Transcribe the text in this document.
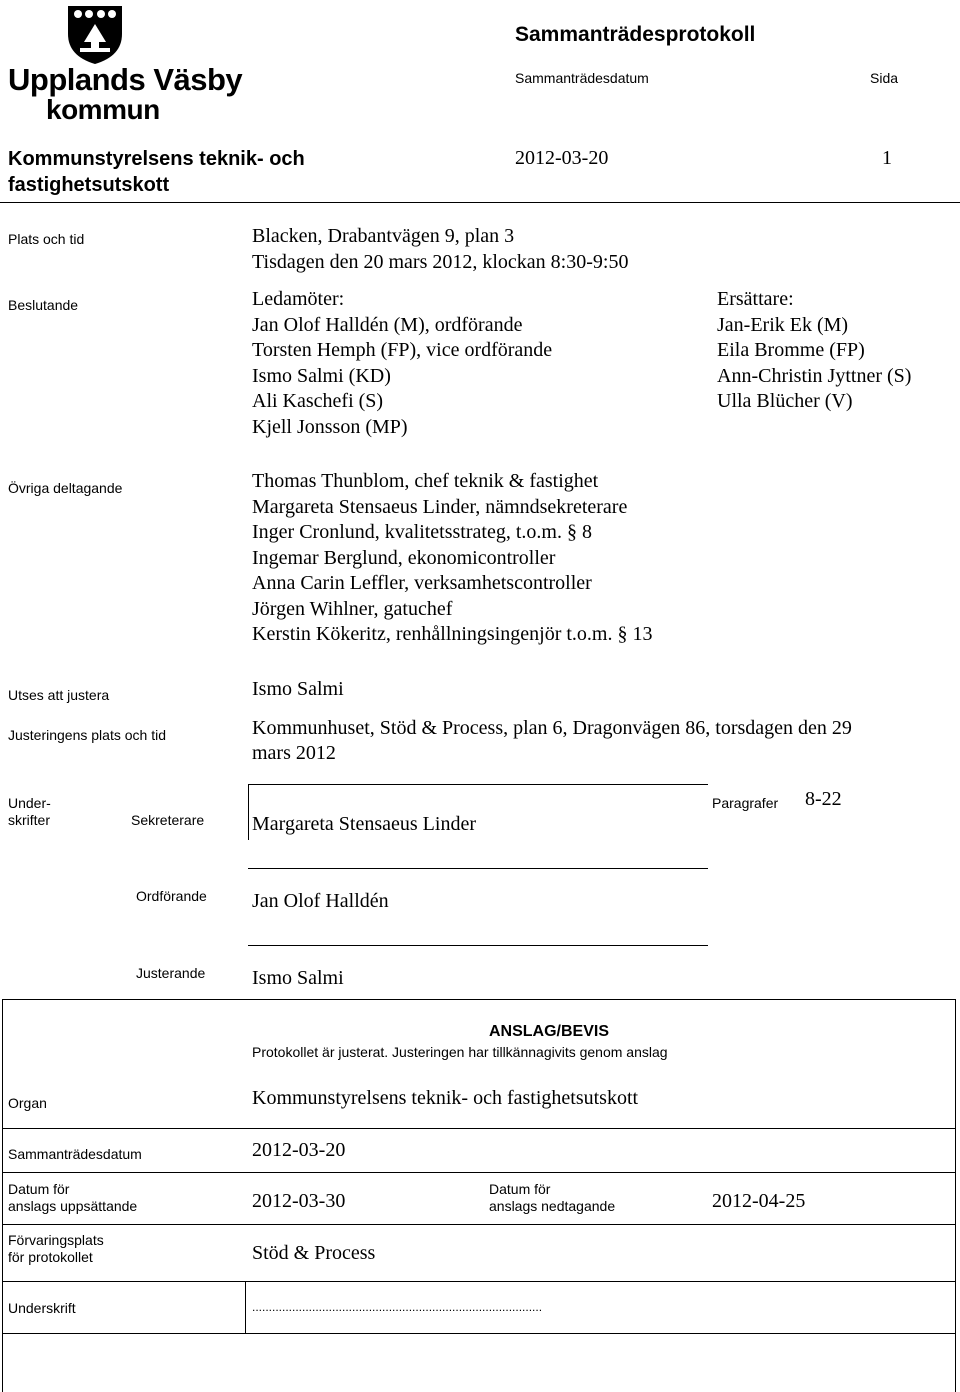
Upplands Väsby
kommun
Sammanträdesprotokoll
Sammanträdesdatum	Sida
Kommunstyrelsens teknik- och
fastighetsutskott
2012-03-20	1
Plats och tid	Blacken, Drabantvägen 9, plan 3
Tisdagen den 20 mars 2012, klockan 8:30-9:50
Beslutande	Ledamöter:
Jan Olof Halldén (M), ordförande
Torsten Hemph (FP), vice ordförande
Ismo Salmi (KD)
Ali Kaschefi (S)
Kjell Jonsson (MP)
Ersättare:
Jan-Erik Ek (M)
Eila Bromme (FP)
Ann-Christin Jyttner (S)
Ulla Blücher (V)
Övriga deltagande	Thomas Thunblom, chef teknik & fastighet
Margareta Stensaeus Linder, nämndsekreterare
Inger Cronlund, kvalitetsstrateg, t.o.m. § 8
Ingemar Berglund, ekonomicontroller
Anna Carin Leffler, verksamhetscontroller
Jörgen Wihlner, gatuchef
Kerstin Kökeritz, renhållningsingenjör t.o.m. § 13
Utses att justera	Ismo Salmi
Justeringens plats och tid	Kommunhuset, Stöd & Process, plan 6, Dragonvägen 86, torsdagen den 29
mars 2012
Under-
skrifter	Sekreterare Margareta Stensaeus Linder
Paragrafer 8-22
Ordförande Jan Olof Halldén
Justerande Ismo Salmi
ANSLAG/BEVIS
Protokollet är justerat. Justeringen har tillkännagivits genom anslag
Organ	Kommunstyrelsens teknik- och fastighetsutskott
Sammanträdesdatum	2012-03-20
Datum för
anslags uppsättande	2012-03-30
Datum för
anslags nedtagande	2012-04-25
Förvaringsplats
för protokollet	Stöd & Process
Underskrift	.......................................................................................
